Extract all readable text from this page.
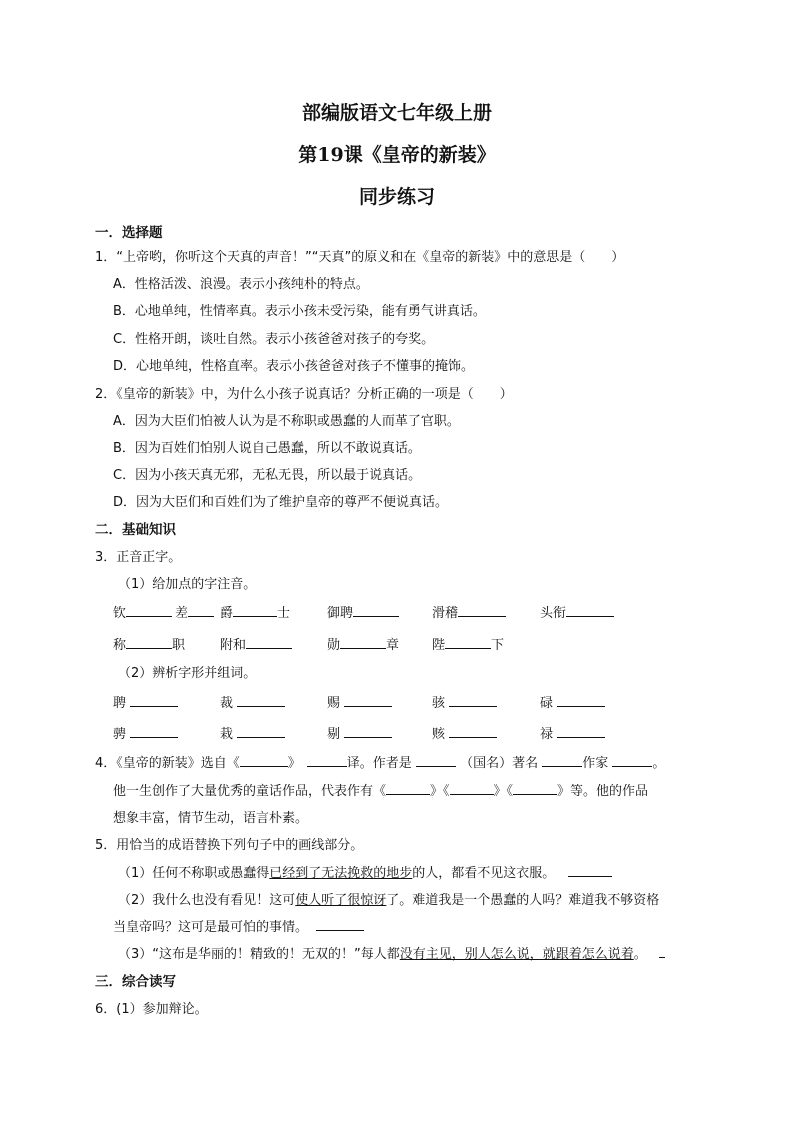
部编版语文七年级上册
第19课《皇帝的新装》
同步练习
一．选择题
1．“上帝哟，你听这个天真的声音！”“天真”的原义和在《皇帝的新装》中的意思是（　　）
A．性格活泼、浪漫。表示小孩纯朴的特点。
B．心地单纯，性情率真。表示小孩未受污染，能有勇气讲真话。
C．性格开朗，谈吐自然。表示小孩爸爸对孩子的夸奖。
D．心地单纯，性格直率。表示小孩爸爸对孩子不懂事的掩饰。
2．《皇帝的新装》中，为什么小孩子说真话？分析正确的一项是（　　）
A．因为大臣们怕被人认为是不称职或愚蠢的人而革了官职。
B．因为百姓们怕别人说自己愚蠢，所以不敢说真话。
C．因为小孩天真无邪，无私无畏，所以最于说真话。
D．因为大臣们和百姓们为了维护皇帝的尊严不便说真话。
二．基础知识
3．正音正字。
（1）给加点的字注音。
钦	差	爵	士	御聘	滑稽	头衔
称	职	附和	勋	章	陛	下
（2）辨析字形并组词。
聘	裁	赐	骇	碌
骋	栽	剔	赅	禄
4．《皇帝的新装》选自《	》	译。作者是	（国名）著名	作家	。
他一生创作了大量优秀的童话作品，代表作有《	》《	》《	》等。他的作品
想象丰富，情节生动，语言朴素。
5．用恰当的成语替换下列句子中的画线部分。
（1）任何不称职或愚蠢得已经到了无法挽救的地步的人，都看不见这衣服。
（2）我什么也没有看见！这可使人听了很惊讶了。难道我是一个愚蠢的人吗？难道我不够资格
当皇帝吗？这可是最可怕的事情。
（3）“这布是华丽的！精致的！无双的！”每人都没有主见，别人怎么说，就跟着怎么说着。
三．综合读写
6．(1）参加辩论。
